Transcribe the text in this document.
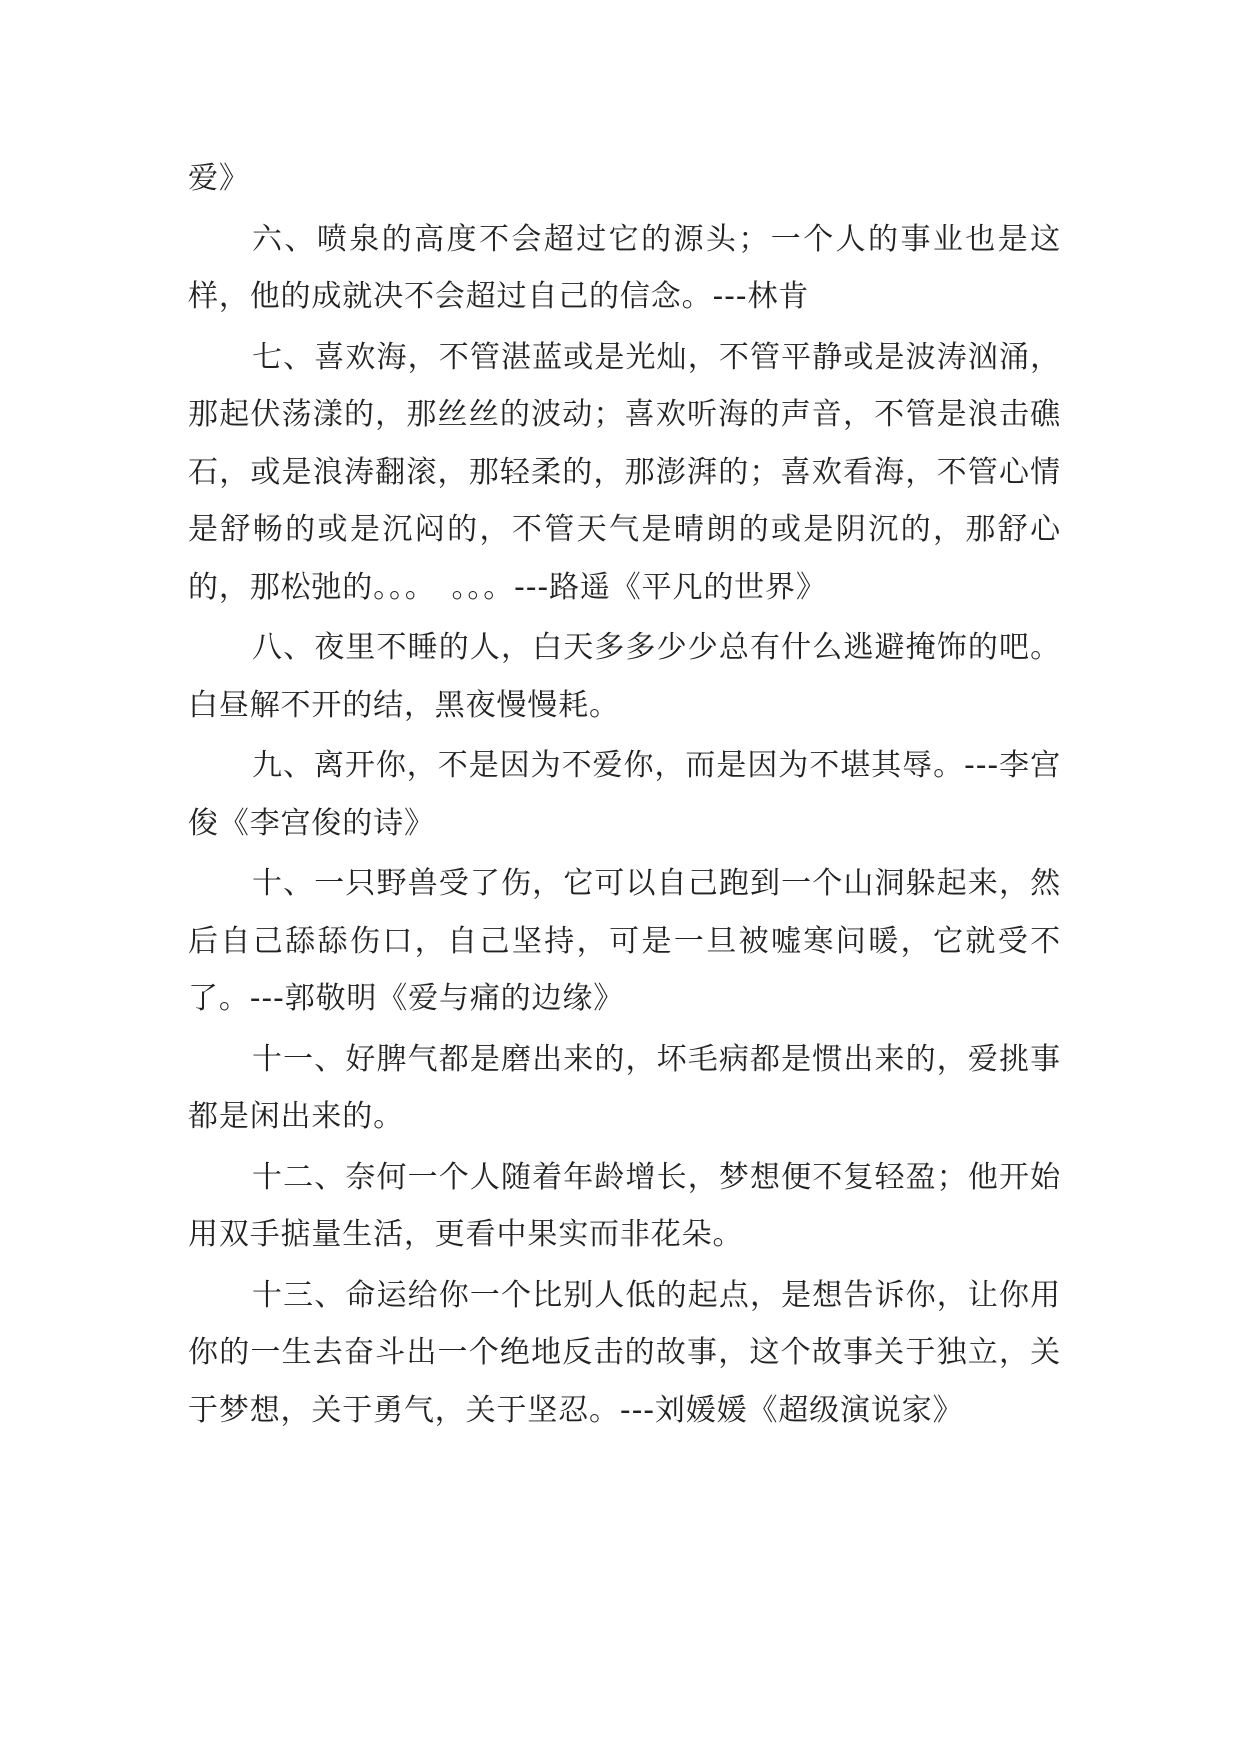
爱》

六、喷泉的高度不会超过它的源头；一个人的事业也是这样，他的成就决不会超过自己的信念。---林肯

七、喜欢海，不管湛蓝或是光灿，不管平静或是波涛汹涌，那起伏荡漾的，那丝丝的波动；喜欢听海的声音，不管是浪击礁石，或是浪涛翻滚，那轻柔的，那澎湃的；喜欢看海，不管心情是舒畅的或是沉闷的，不管天气是晴朗的或是阴沉的，那舒心的，那松弛的。。。　。。。---路遥《平凡的世界》

八、夜里不睡的人，白天多多少少总有什么逃避掩饰的吧。白昼解不开的结，黑夜慢慢耗。

九、离开你，不是因为不爱你，而是因为不堪其辱。---李宫俊《李宫俊的诗》

十、一只野兽受了伤，它可以自己跑到一个山洞躲起来，然后自己舔舔伤口，自己坚持，可是一旦被嘘寒问暖，它就受不了。---郭敬明《爱与痛的边缘》

十一、好脾气都是磨出来的，坏毛病都是惯出来的，爱挑事都是闲出来的。

十二、奈何一个人随着年龄增长，梦想便不复轻盈；他开始用双手掂量生活，更看中果实而非花朵。

十三、命运给你一个比别人低的起点，是想告诉你，让你用你的一生去奋斗出一个绝地反击的故事，这个故事关于独立，关于梦想，关于勇气，关于坚忍。---刘媛媛《超级演说家》
